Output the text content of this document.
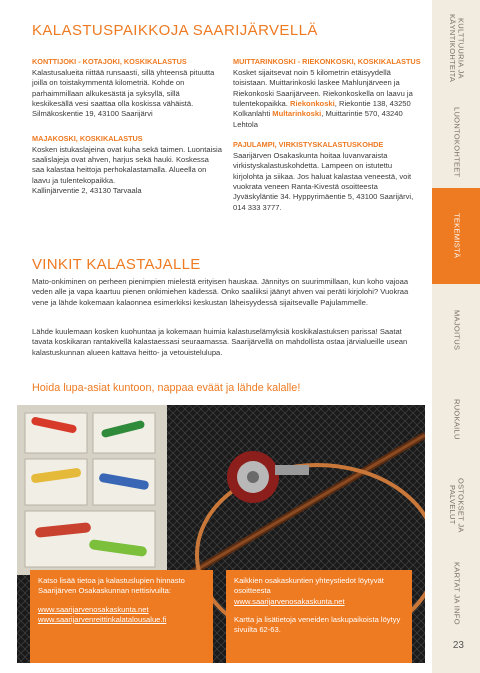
KULTTUURIA JA KÄYNTIKOHTEITA
LUONTOKOHTEET
TEKEMISTÄ
MAJOITUS
RUOKAILU
OSTOKSET JA PALVELUT
KARTAT JA INFO
23
KALASTUSPAIKKOJA SAARIJÄRVELLÄ

KONTTIJOKI - KOTAJOKI, KOSKIKALASTUS
Kalastusalueita riittää runsaasti, sillä yhteensä pituutta joilla on toistakymmentä kilometriä. Kohde on parhaimmillaan alkukesästä ja syksyllä, sillä keskikesällä vesi saattaa olla koskissa vähäistä.
Silmäkoskentie 19, 43100 Saarijärvi

MAJAKOSKI, KOSKIKALASTUS
Kosken istukaslajeina ovat kuha sekä taimen. Luontaisia saalislajeja ovat ahven, harjus sekä hauki. Koskessa saa kalastaa heittoja perhokalastamalla. Alueella on laavu ja tulentekopaikka.
Kallinjärventie 2, 43130 Tarvaala

MUITTARINKOSKI - RIEKONKOSKI, KOSKIKALASTUS
Kosket sijaitsevat noin 5 kilometrin etäisyydellä toisistaan. Muittarinkoski laskee Mahlunjärveen ja Riekonkoski Saarijärveen. Riekonkoskella on laavu ja tulentekopaikka. Riekonkoski, Riekontie 138, 43250 Kolkanlahti Multarinkoski, Muittarintie 570, 43240 Lehtola

PAJULAMPI, VIRKISTYSKALASTUSKOHDE
Saarijärven Osakaskunta hoitaa luvanvaraista virkistyskalastuskohdetta. Lampeen on istutettu kirjolohta ja siikaa. Jos haluat kalastaa veneestä, voit vuokrata veneen Ranta-Kivestä osoitteesta Jyväskyläntie 34. Hyppyrimäentie 5, 43100 Saarijärvi, 014 333 3777.

VINKIT KALASTAJALLE
Mato-onkiminen on perheen pienimpien mielestä erityisen hauskaa. Jännitys on suurimmillaan, kun koho vajoaa veden alle ja vapa kaartuu pienen onkimiehen kädessä. Onko saaliiksi jäänyt ahven vai peräti kirjolohi? Vuokraa vene ja lähde kokemaan kalaonnea esimerkiksi keskustan läheisyydessä sijaitsevalle Pajulammelle.
Lähde kuulemaan kosken kuohuntaa ja kokemaan huimia kalastuselämyksiä koskikalastuksen parissa! Saatat tavata koskikaran rantakivellä kalastaessasi seuraamassa. Saarijärvellä on mahdollista ostaa järvialueille usean kalastuskunnan alueen kattava heitto- ja vetouistelulupa.
Hoida lupa-asiat kuntoon, nappaa eväät ja lähde kalalle!

Katso lisää tietoa ja kalastuslupien hinnasto Saarijärven Osakaskunnan nettisivuilta:

www.saarijarvenosakaskunta.net
www.saarijarvenreittinkalatalousalue.fi

Kaikkien osakaskuntien yhteystiedot löytyvät osoitteesta
www.saarijarvenosakaskunta.net

Kartta ja lisätietoja veneiden laskupaikoista löytyy sivuilta 62-63.
